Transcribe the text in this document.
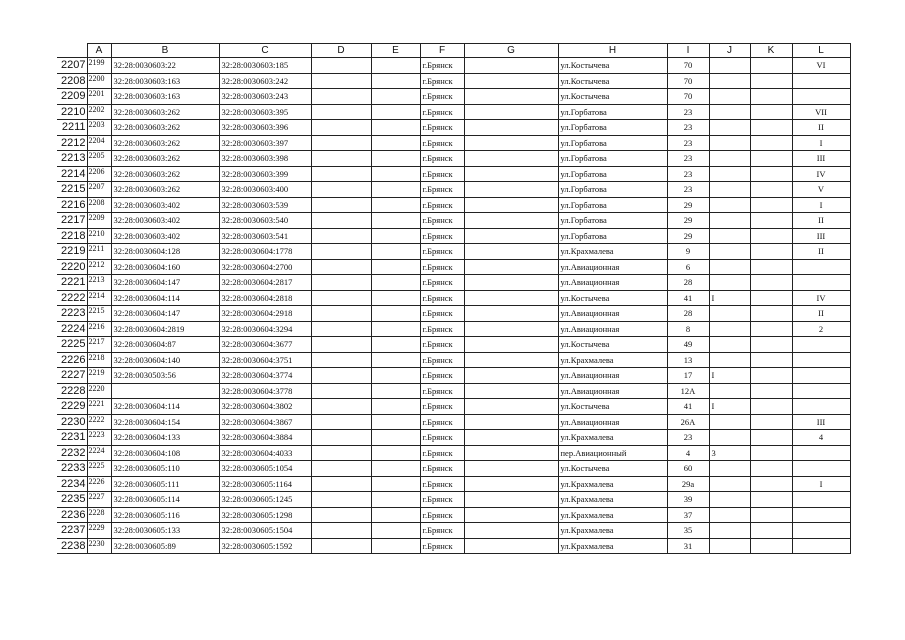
	A	B	C	D	E	F	G	H	I	J	K	L
2207	2199	32:28:0030603:22	32:28:0030603:185			г.Брянск		ул.Костычева	70			VI
2208	2200	32:28:0030603:163	32:28:0030603:242			г.Брянск		ул.Костычева	70			
2209	2201	32:28:0030603:163	32:28:0030603:243			г.Брянск		ул.Костычева	70			
2210	2202	32:28:0030603:262	32:28:0030603:395			г.Брянск		ул.Горбатова	23			VII
2211	2203	32:28:0030603:262	32:28:0030603:396			г.Брянск		ул.Горбатова	23			II
2212	2204	32:28:0030603:262	32:28:0030603:397			г.Брянск		ул.Горбатова	23			I
2213	2205	32:28:0030603:262	32:28:0030603:398			г.Брянск		ул.Горбатова	23			III
2214	2206	32:28:0030603:262	32:28:0030603:399			г.Брянск		ул.Горбатова	23			IV
2215	2207	32:28:0030603:262	32:28:0030603:400			г.Брянск		ул.Горбатова	23			V
2216	2208	32:28:0030603:402	32:28:0030603:539			г.Брянск		ул.Горбатова	29			I
2217	2209	32:28:0030603:402	32:28:0030603:540			г.Брянск		ул.Горбатова	29			II
2218	2210	32:28:0030603:402	32:28:0030603:541			г.Брянск		ул.Горбатова	29			III
2219	2211	32:28:0030604:128	32:28:0030604:1778			г.Брянск		ул.Крахмалева	9			II
2220	2212	32:28:0030604:160	32:28:0030604:2700			г.Брянск		ул.Авиационная	6			
2221	2213	32:28:0030604:147	32:28:0030604:2817			г.Брянск		ул.Авиационная	28			
2222	2214	32:28:0030604:114	32:28:0030604:2818			г.Брянск		ул.Костычева	41	I		IV
2223	2215	32:28:0030604:147	32:28:0030604:2918			г.Брянск		ул.Авиационная	28			II
2224	2216	32:28:0030604:2819	32:28:0030604:3294			г.Брянск		ул.Авиационная	8			2
2225	2217	32:28:0030604:87	32:28:0030604:3677			г.Брянск		ул.Костычева	49			
2226	2218	32:28:0030604:140	32:28:0030604:3751			г.Брянск		ул.Крахмалева	13			
2227	2219	32:28:0030503:56	32:28:0030604:3774			г.Брянск		ул.Авиационная	17	I		
2228	2220		32:28:0030604:3778			г.Брянск		ул.Авиационная	12А			
2229	2221	32:28:0030604:114	32:28:0030604:3802			г.Брянск		ул.Костычева	41	I		
2230	2222	32:28:0030604:154	32:28:0030604:3867			г.Брянск		ул.Авиационная	26А			III
2231	2223	32:28:0030604:133	32:28:0030604:3884			г.Брянск		ул.Крахмалева	23			4
2232	2224	32:28:0030604:108	32:28:0030604:4033			г.Брянск		пер.Авиационный	4	3		
2233	2225	32:28:0030605:110	32:28:0030605:1054			г.Брянск		ул.Костычева	60			
2234	2226	32:28:0030605:111	32:28:0030605:1164			г.Брянск		ул.Крахмалева	29а			I
2235	2227	32:28:0030605:114	32:28:0030605:1245			г.Брянск		ул.Крахмалева	39			
2236	2228	32:28:0030605:116	32:28:0030605:1298			г.Брянск		ул.Крахмалева	37			
2237	2229	32:28:0030605:133	32:28:0030605:1504			г.Брянск		ул.Крахмалева	35			
2238	2230	32:28:0030605:89	32:28:0030605:1592			г.Брянск		ул.Крахмалева	31			
